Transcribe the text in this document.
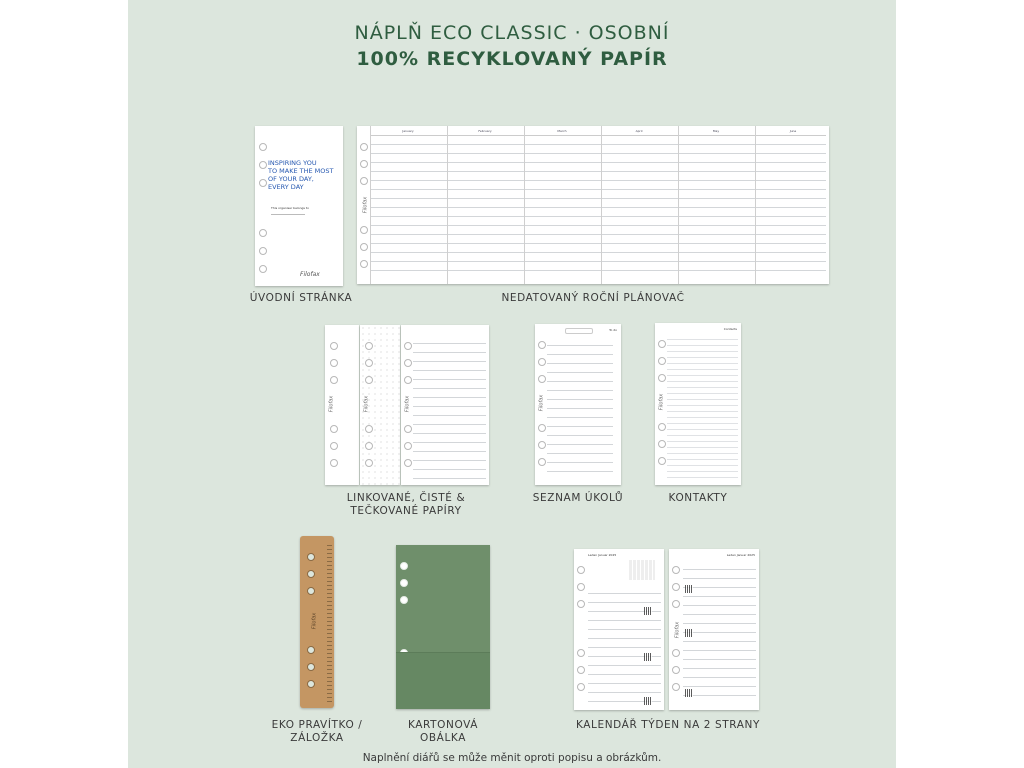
NÁPLŇ ECO CLASSIC · OSOBNÍ
100% RECYKLOVANÝ PAPÍR
INSPIRING YOU
TO MAKE THE MOST
OF YOUR DAY,
EVERY DAY
This organiser belongs to
Filofax
ÚVODNÍ STRÁNKA
Filofax
January	February	March	April	May	June
NEDATOVANÝ ROČNÍ PLÁNOVAČ
Filofax	Filofax	Filofax
LINKOVANÉ, ČISTÉ &
TEČKOVANÉ PAPÍRY
To do
Filofax
SEZNAM ÚKOLŮ
Contacts
Filofax
KONTAKTY
Filofax
EKO PRAVÍTKO /
ZÁLOŽKA
KARTONOVÁ
OBÁLKA
Leden Januar 2025	Leden Januar 2025
Filofax
KALENDÁŘ TÝDEN NA 2 STRANY
Naplnění diářů se může měnit oproti popisu a obrázkům.
